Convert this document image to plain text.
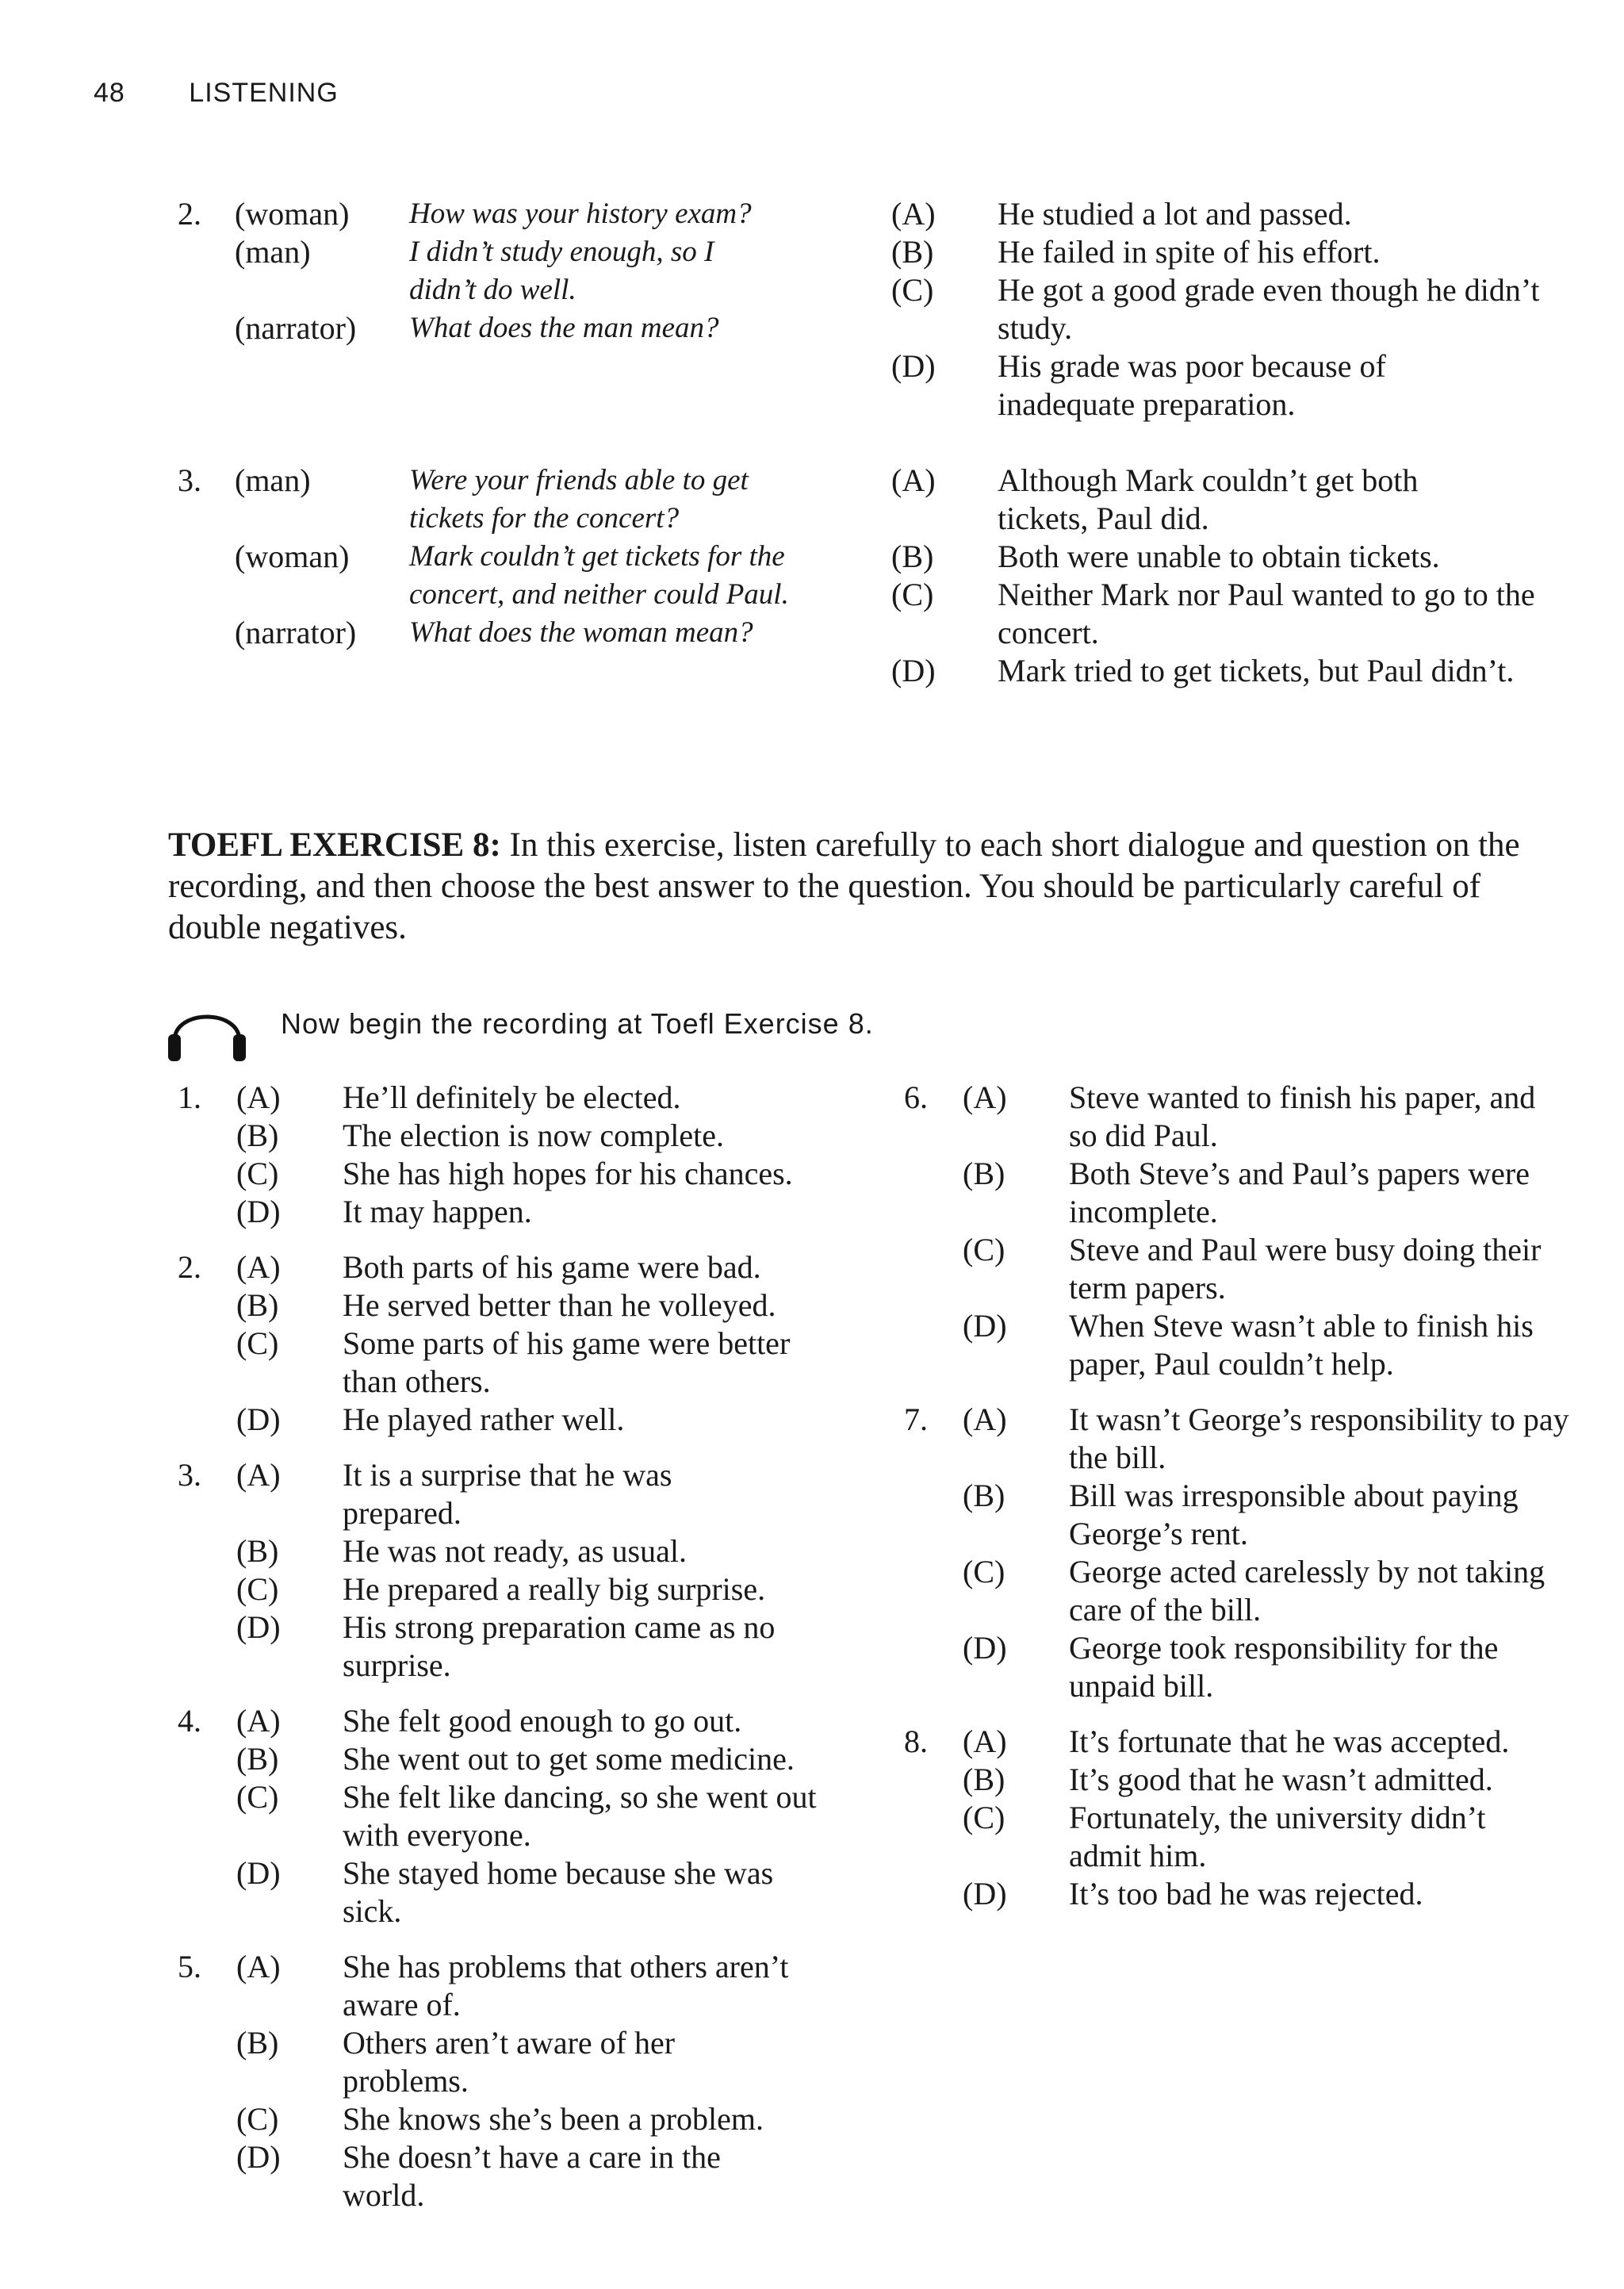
48 LISTENING
2. (woman)	How was your history exam?
(man)	I didn’t study enough, so I didn’t do well.
(narrator)	What does the man mean?
(A)	He studied a lot and passed.
(B)	He failed in spite of his effort.
(C)	He got a good grade even though he didn’t study.
(D)	His grade was poor because of inadequate preparation.
3. (man)	Were your friends able to get tickets for the concert?
(woman)	Mark couldn’t get tickets for the concert, and neither could Paul.
(narrator)	What does the woman mean?
(A)	Although Mark couldn’t get both tickets, Paul did.
(B)	Both were unable to obtain tickets.
(C)	Neither Mark nor Paul wanted to go to the concert.
(D)	Mark tried to get tickets, but Paul didn’t.
TOEFL EXERCISE 8: In this exercise, listen carefully to each short dialogue and question on the recording, and then choose the best answer to the question. You should be particularly careful of double negatives.
Now begin the recording at Toefl Exercise 8.
1. (A)	He’ll definitely be elected.
(B)	The election is now complete.
(C)	She has high hopes for his chances.
(D)	It may happen.
2. (A)	Both parts of his game were bad.
(B)	He served better than he volleyed.
(C)	Some parts of his game were better than others.
(D)	He played rather well.
3. (A)	It is a surprise that he was prepared.
(B)	He was not ready, as usual.
(C)	He prepared a really big surprise.
(D)	His strong preparation came as no surprise.
4. (A)	She felt good enough to go out.
(B)	She went out to get some medicine.
(C)	She felt like dancing, so she went out with everyone.
(D)	She stayed home because she was sick.
5. (A)	She has problems that others aren’t aware of.
(B)	Others aren’t aware of her problems.
(C)	She knows she’s been a problem.
(D)	She doesn’t have a care in the world.
6. (A)	Steve wanted to finish his paper, and so did Paul.
(B)	Both Steve’s and Paul’s papers were incomplete.
(C)	Steve and Paul were busy doing their term papers.
(D)	When Steve wasn’t able to finish his paper, Paul couldn’t help.
7. (A)	It wasn’t George’s responsibility to pay the bill.
(B)	Bill was irresponsible about paying George’s rent.
(C)	George acted carelessly by not taking care of the bill.
(D)	George took responsibility for the unpaid bill.
8. (A)	It’s fortunate that he was accepted.
(B)	It’s good that he wasn’t admitted.
(C)	Fortunately, the university didn’t admit him.
(D)	It’s too bad he was rejected.
